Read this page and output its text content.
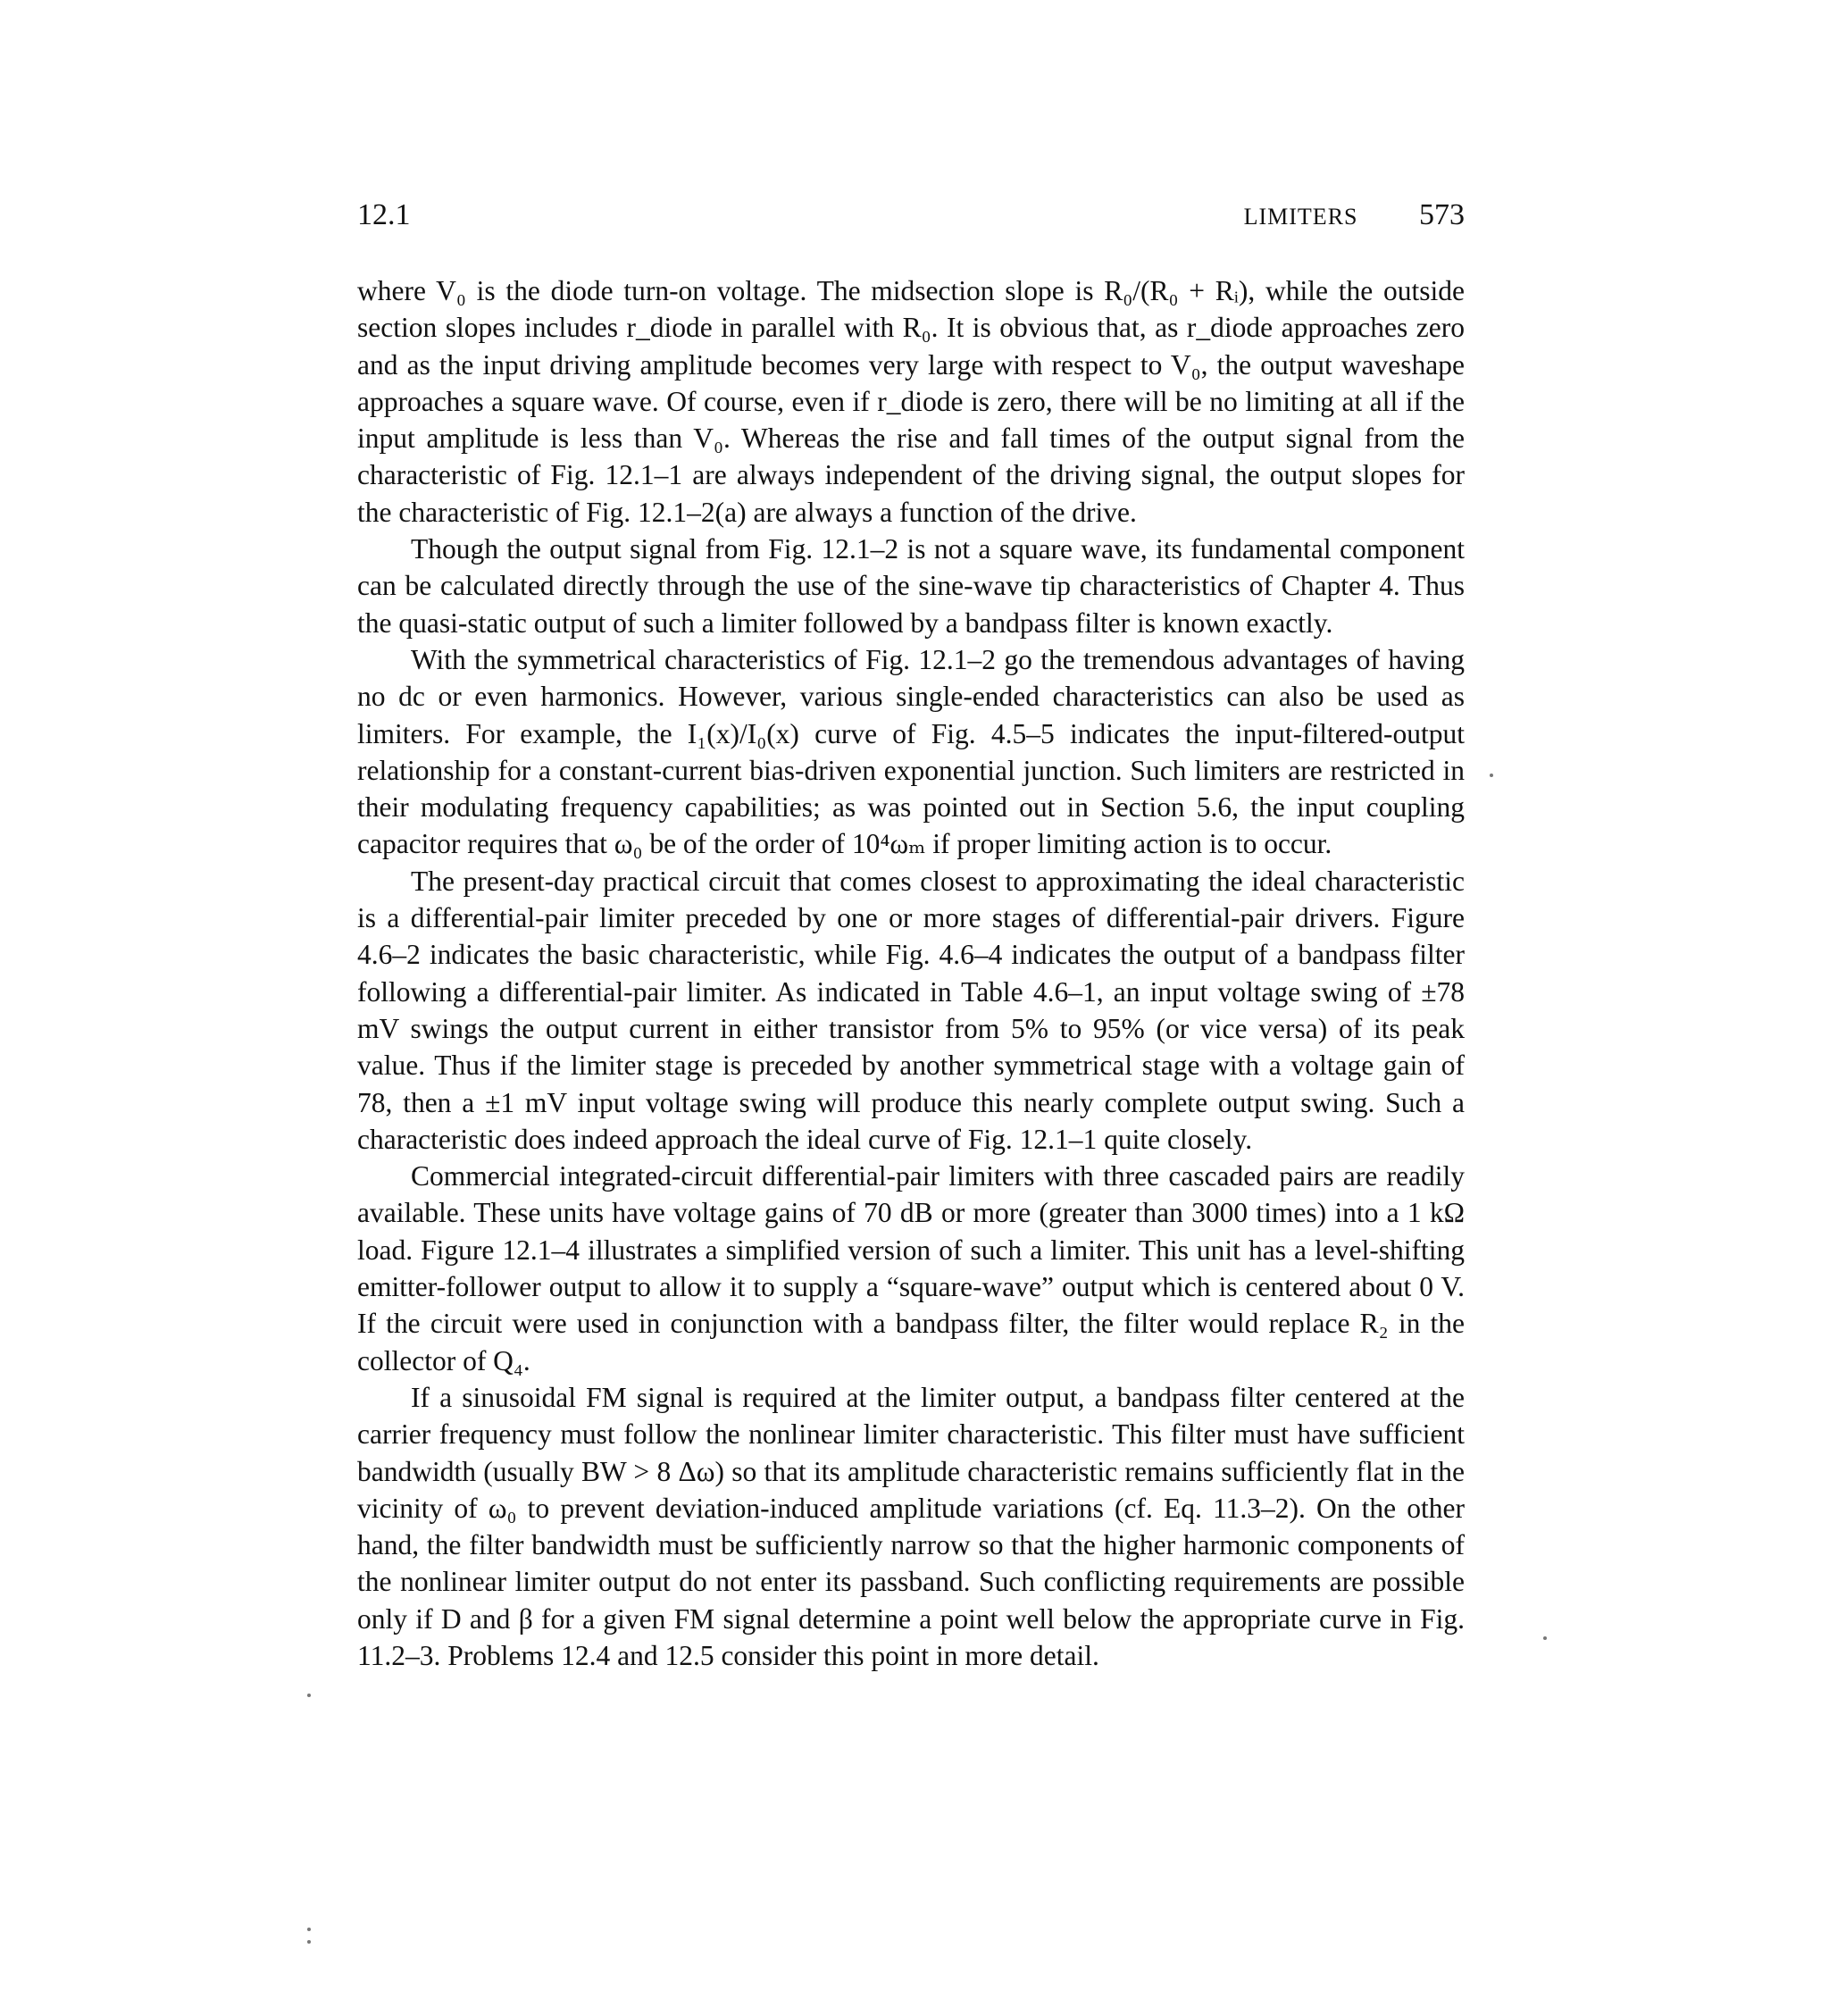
12.1	LIMITERS 573

where V₀ is the diode turn-on voltage. The midsection slope is R₀/(R₀ + Rᵢ), while the outside section slopes includes r_diode in parallel with R₀. It is obvious that, as r_diode approaches zero and as the input driving amplitude becomes very large with respect to V₀, the output waveshape approaches a square wave. Of course, even if r_diode is zero, there will be no limiting at all if the input amplitude is less than V₀. Whereas the rise and fall times of the output signal from the characteristic of Fig. 12.1–1 are always independent of the driving signal, the output slopes for the characteristic of Fig. 12.1–2(a) are always a function of the drive.

Though the output signal from Fig. 12.1–2 is not a square wave, its fundamental component can be calculated directly through the use of the sine-wave tip characteristics of Chapter 4. Thus the quasi-static output of such a limiter followed by a bandpass filter is known exactly.

With the symmetrical characteristics of Fig. 12.1–2 go the tremendous advantages of having no dc or even harmonics. However, various single-ended characteristics can also be used as limiters. For example, the I₁(x)/I₀(x) curve of Fig. 4.5–5 indicates the input-filtered-output relationship for a constant-current bias-driven exponential junction. Such limiters are restricted in their modulating frequency capabilities; as was pointed out in Section 5.6, the input coupling capacitor requires that ω₀ be of the order of 10⁴ωₘ if proper limiting action is to occur.

The present-day practical circuit that comes closest to approximating the ideal characteristic is a differential-pair limiter preceded by one or more stages of differential-pair drivers. Figure 4.6–2 indicates the basic characteristic, while Fig. 4.6–4 indicates the output of a bandpass filter following a differential-pair limiter. As indicated in Table 4.6–1, an input voltage swing of ±78 mV swings the output current in either transistor from 5% to 95% (or vice versa) of its peak value. Thus if the limiter stage is preceded by another symmetrical stage with a voltage gain of 78, then a ±1 mV input voltage swing will produce this nearly complete output swing. Such a characteristic does indeed approach the ideal curve of Fig. 12.1–1 quite closely.

Commercial integrated-circuit differential-pair limiters with three cascaded pairs are readily available. These units have voltage gains of 70 dB or more (greater than 3000 times) into a 1 kΩ load. Figure 12.1–4 illustrates a simplified version of such a limiter. This unit has a level-shifting emitter-follower output to allow it to supply a “square-wave” output which is centered about 0 V. If the circuit were used in conjunction with a bandpass filter, the filter would replace R₂ in the collector of Q₄.

If a sinusoidal FM signal is required at the limiter output, a bandpass filter centered at the carrier frequency must follow the nonlinear limiter characteristic. This filter must have sufficient bandwidth (usually BW > 8 Δω) so that its amplitude characteristic remains sufficiently flat in the vicinity of ω₀ to prevent deviation-induced amplitude variations (cf. Eq. 11.3–2). On the other hand, the filter bandwidth must be sufficiently narrow so that the higher harmonic components of the nonlinear limiter output do not enter its passband. Such conflicting requirements are possible only if D and β for a given FM signal determine a point well below the appropriate curve in Fig. 11.2–3. Problems 12.4 and 12.5 consider this point in more detail.
